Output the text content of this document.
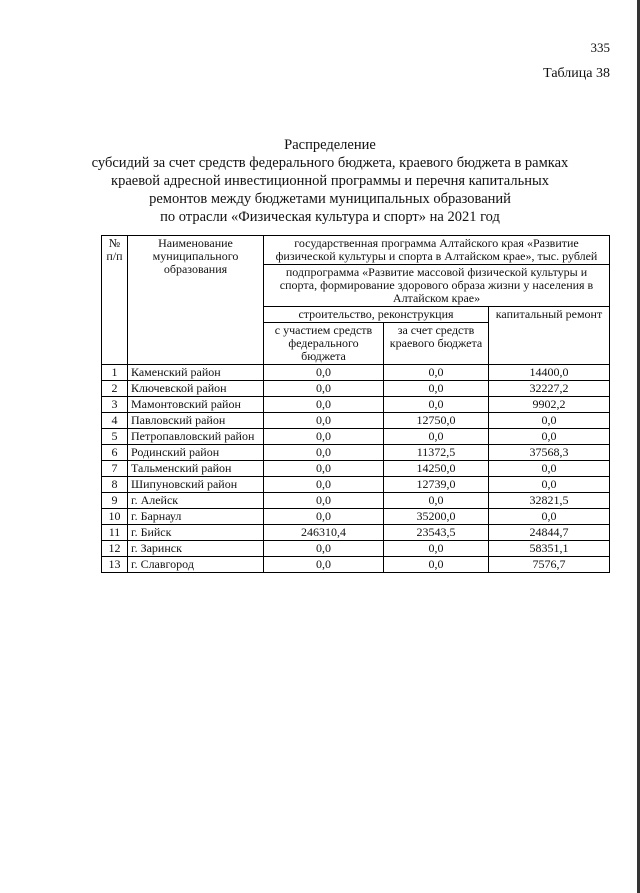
335
Таблица 38
Распределение
субсидий за счет средств федерального бюджета, краевого бюджета в рамках
краевой адресной инвестиционной программы и перечня капитальных
ремонтов между бюджетами муниципальных образований
по отрасли «Физическая культура и спорт» на 2021 год
№ п/п	Наименование муниципального образования	государственная программа Алтайского края «Развитие физической культуры и спорта в Алтайском крае», тыс. рублей		
		подпрограмма «Развитие массовой физической культуры и спорта, формирование здорового образа жизни у населения в Алтайском крае»		
		строительство, реконструкция		капитальный ремонт
		с участием средств федерального бюджета	за счет средств краевого бюджета	
1	Каменский район	0,0	0,0	14400,0
2	Ключевской район	0,0	0,0	32227,2
3	Мамонтовский район	0,0	0,0	9902,2
4	Павловский район	0,0	12750,0	0,0
5	Петропавловский район	0,0	0,0	0,0
6	Родинский район	0,0	11372,5	37568,3
7	Тальменский район	0,0	14250,0	0,0
8	Шипуновский район	0,0	12739,0	0,0
9	г. Алейск	0,0	0,0	32821,5
10	г. Барнаул	0,0	35200,0	0,0
11	г. Бийск	246310,4	23543,5	24844,7
12	г. Заринск	0,0	0,0	58351,1
13	г. Славгород	0,0	0,0	7576,7
